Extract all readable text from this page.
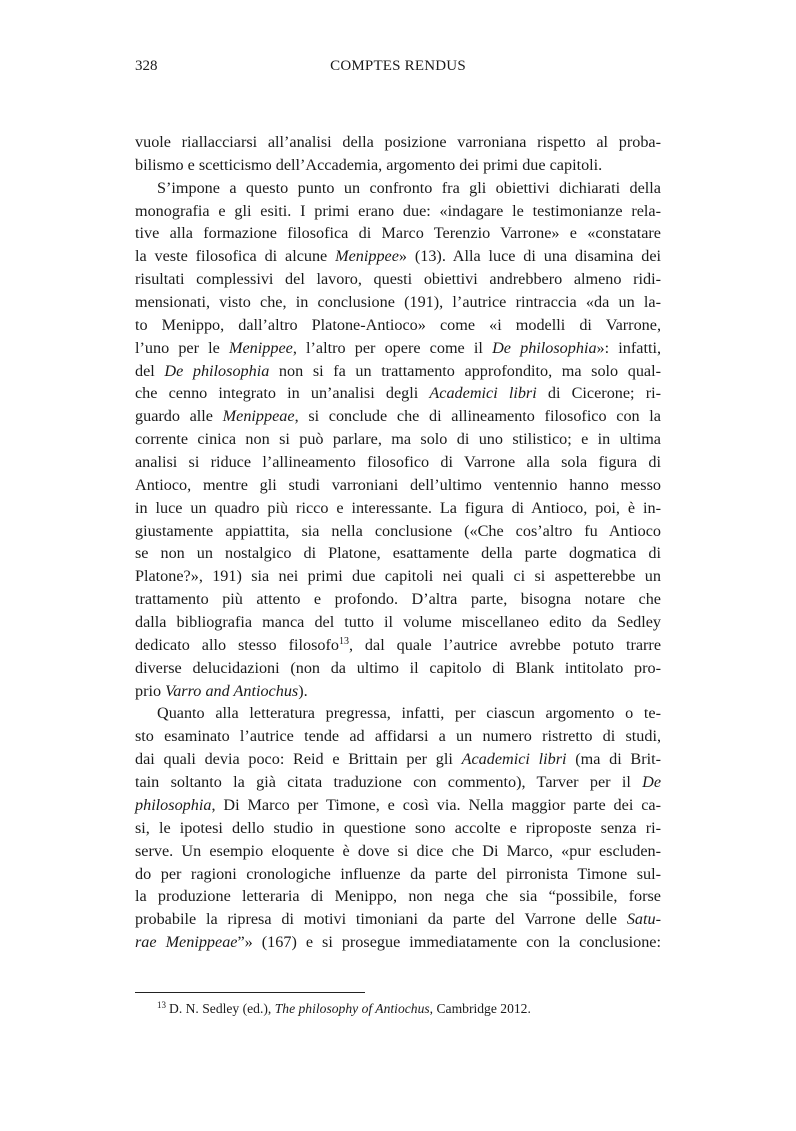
328	COMPTES RENDUS
vuole riallacciarsi all’analisi della posizione varroniana rispetto al proba-
bilismo e scetticismo dell’Accademia, argomento dei primi due capitoli.
S’impone a questo punto un confronto fra gli obiettivi dichiarati della
monografia e gli esiti. I primi erano due: «indagare le testimonianze rela-
tive alla formazione filosofica di Marco Terenzio Varrone» e «constatare
la veste filosofica di alcune Menippee» (13). Alla luce di una disamina dei
risultati complessivi del lavoro, questi obiettivi andrebbero almeno ridi-
mensionati, visto che, in conclusione (191), l’autrice rintraccia «da un la-
to Menippo, dall’altro Platone-Antioco» come «i modelli di Varrone,
l’uno per le Menippee, l’altro per opere come il De philosophia»: infatti,
del De philosophia non si fa un trattamento approfondito, ma solo qual-
che cenno integrato in un’analisi degli Academici libri di Cicerone; ri-
guardo alle Menippeae, si conclude che di allineamento filosofico con la
corrente cinica non si può parlare, ma solo di uno stilistico; e in ultima
analisi si riduce l’allineamento filosofico di Varrone alla sola figura di
Antioco, mentre gli studi varroniani dell’ultimo ventennio hanno messo
in luce un quadro più ricco e interessante. La figura di Antioco, poi, è in-
giustamente appiattita, sia nella conclusione («Che cos’altro fu Antioco
se non un nostalgico di Platone, esattamente della parte dogmatica di
Platone?», 191) sia nei primi due capitoli nei quali ci si aspetterebbe un
trattamento più attento e profondo. D’altra parte, bisogna notare che
dalla bibliografia manca del tutto il volume miscellaneo edito da Sedley
dedicato allo stesso filosofo$^{13}$, dal quale l’autrice avrebbe potuto trarre
diverse delucidazioni (non da ultimo il capitolo di Blank intitolato pro-
prio Varro and Antiochus).
Quanto alla letteratura pregressa, infatti, per ciascun argomento o te-
sto esaminato l’autrice tende ad affidarsi a un numero ristretto di studi,
dai quali devia poco: Reid e Brittain per gli Academici libri (ma di Brit-
tain soltanto la già citata traduzione con commento), Tarver per il De
philosophia, Di Marco per Timone, e così via. Nella maggior parte dei ca-
si, le ipotesi dello studio in questione sono accolte e riproposte senza ri-
serve. Un esempio eloquente è dove si dice che Di Marco, «pur escluden-
do per ragioni cronologiche influenze da parte del pirronista Timone sul-
la produzione letteraria di Menippo, non nega che sia “possibile, forse
probabile la ripresa di motivi timoniani da parte del Varrone delle Satu-
rae Menippeae”» (167) e si prosegue immediatamente con la conclusione:
$^{13}$ D. N. Sedley (ed.), The philosophy of Antiochus, Cambridge 2012.
